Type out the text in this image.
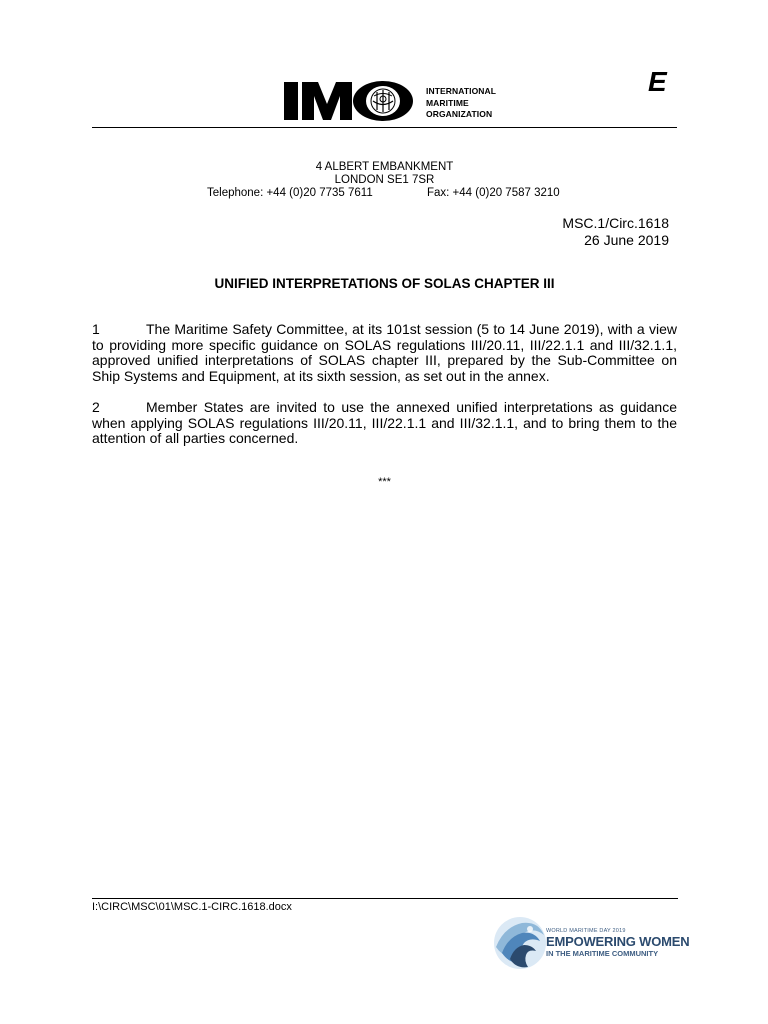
INTERNATIONAL
MARITIME
ORGANIZATION
E
4 ALBERT EMBANKMENT
LONDON SE1 7SR
Telephone: +44 (0)20 7735 7611	Fax: +44 (0)20 7587 3210
MSC.1/Circ.1618
26 June 2019
UNIFIED INTERPRETATIONS OF SOLAS CHAPTER III
1	The Maritime Safety Committee, at its 101st session (5 to 14 June 2019), with a view to providing more specific guidance on SOLAS regulations III/20.11, III/22.1.1 and III/32.1.1, approved unified interpretations of SOLAS chapter III, prepared by the Sub-Committee on Ship Systems and Equipment, at its sixth session, as set out in the annex.
2	Member States are invited to use the annexed unified interpretations as guidance when applying SOLAS regulations III/20.11, III/22.1.1 and III/32.1.1, and to bring them to the attention of all parties concerned.
***
I:\CIRC\MSC\01\MSC.1-CIRC.1618.docx
WORLD MARITIME DAY 2019
EMPOWERING WOMEN
IN THE MARITIME COMMUNITY
